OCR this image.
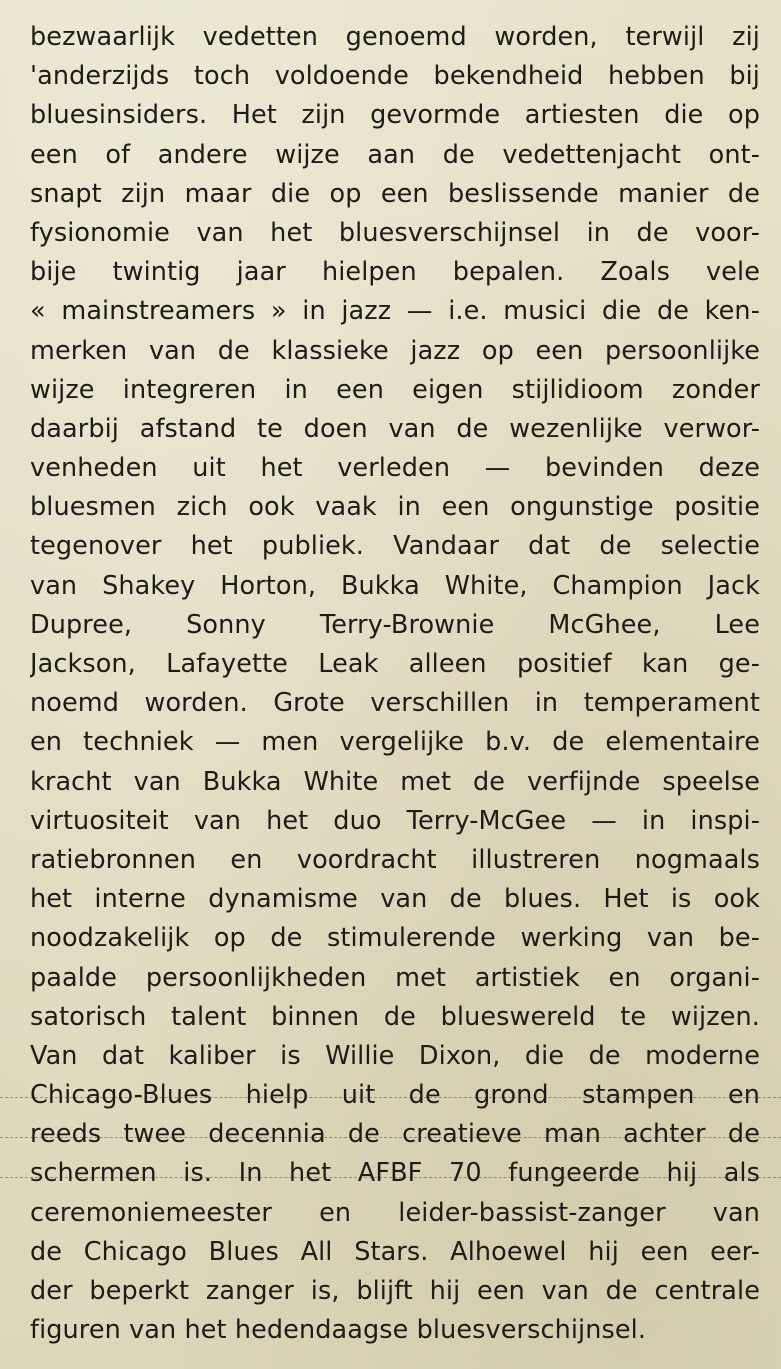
bezwaarlijk vedetten genoemd worden, terwijl zij
'anderzijds toch voldoende bekendheid hebben bij
bluesinsiders. Het zijn gevormde artiesten die op
een of andere wijze aan de vedettenjacht ont-
snapt zijn maar die op een beslissende manier de
fysionomie van het bluesverschijnsel in de voor-
bije twintig jaar hielpen bepalen. Zoals vele
« mainstreamers » in jazz — i.e. musici die de ken-
merken van de klassieke jazz op een persoonlijke
wijze integreren in een eigen stijlidioom zonder
daarbij afstand te doen van de wezenlijke verwor-
venheden uit het verleden — bevinden deze
bluesmen zich ook vaak in een ongunstige positie
tegenover het publiek. Vandaar dat de selectie
van Shakey Horton, Bukka White, Champion Jack
Dupree, Sonny Terry-Brownie McGhee, Lee
Jackson, Lafayette Leak alleen positief kan ge-
noemd worden. Grote verschillen in temperament
en techniek — men vergelijke b.v. de elementaire
kracht van Bukka White met de verfijnde speelse
virtuositeit van het duo Terry-McGee — in inspi-
ratiebronnen en voordracht illustreren nogmaals
het interne dynamisme van de blues. Het is ook
noodzakelijk op de stimulerende werking van be-
paalde persoonlijkheden met artistiek en organi-
satorisch talent binnen de blueswereld te wijzen.
Van dat kaliber is Willie Dixon, die de moderne
Chicago-Blues hielp uit de grond stampen en
reeds twee decennia de creatieve man achter de
schermen is. In het AFBF 70 fungeerde hij als
ceremoniemeester en leider-bassist-zanger van
de Chicago Blues All Stars. Alhoewel hij een eer-
der beperkt zanger is, blijft hij een van de centrale
figuren van het hedendaagse bluesverschijnsel.
